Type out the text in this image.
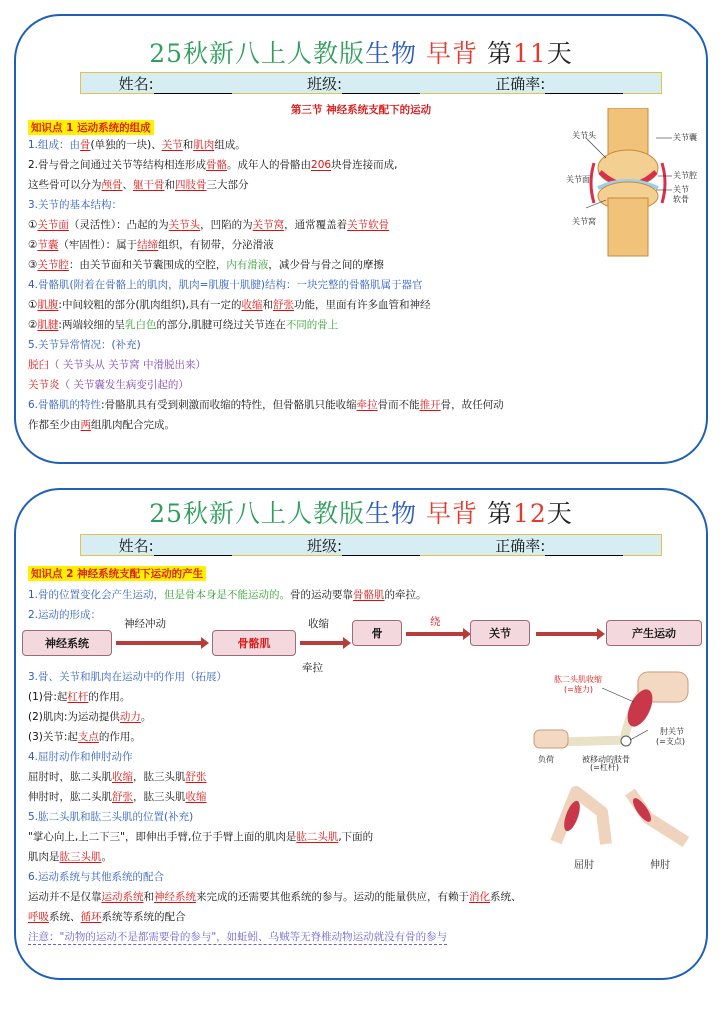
25秋新八上人教版生物 早背 第11天
姓名:	班级:	正确率:
第三节 神经系统支配下的运动
知识点 1 运动系统的组成
1.组成：由骨(单独的一块)、关节和肌肉组成。
2.骨与骨之间通过关节等结构相连形成骨骼。成年人的骨骼由206块骨连接而成,
这些骨可以分为颅骨、躯干骨和四肢骨三大部分
3.关节的基本结构：
①关节面（灵活性）：凸起的为关节头，凹陷的为关节窝，通常覆盖着关节软骨
②节囊（牢固性）：属于结缔组织，有韧带，分泌滑液
③关节腔：由关节面和关节囊围成的空腔，内有滑液，减少骨与骨之间的摩擦
4.骨骼肌(附着在骨骼上的肌肉，肌肉=肌腹十肌腱)结构：一块完整的骨骼肌属于器官
①肌腹:中间较粗的部分(肌肉组织),具有一定的收缩和舒张功能，里面有许多血管和神经
②肌腱:两端较细的呈乳白色的部分,肌腱可绕过关节连在不同的骨上
5.关节异常情况：(补充)
脱臼（ 关节头从 关节窝 中滑脱出来）
关节炎（ 关节囊发生病变引起的）
6.骨骼肌的特性:骨骼肌具有受到刺激而收缩的特性，但骨骼肌只能收缩牵拉骨而不能推开骨，故任何动
作都至少由两组肌肉配合完成。
关节头
关节面
关节窝
关节囊
关节腔
关节
软骨
25秋新八上人教版生物 早背 第12天
姓名:	班级:	正确率:
知识点 2 神经系统支配下运动的产生
1.骨的位置变化会产生运动，但是骨本身是不能运动的。骨的运动要靠骨骼肌的牵拉。
2.运动的形成：
神经系统
神经冲动
骨骼肌
收缩
牵拉
骨
绕
关节	产生运动
3.骨、关节和肌肉在运动中的作用（拓展）
(1)骨:起杠杆的作用。
(2)肌肉:为运动提供动力。
(3)关节:起支点的作用。
4.屈肘动作和伸肘动作
屈肘时，肱二头肌收缩，肱三头肌舒张
伸肘时，肱二头肌舒张，肱三头肌收缩
5.肱二头肌和肱三头肌的位置(补充)
"掌心向上,上二下三"，即伸出手臂,位于手臂上面的肌肉是肱二头肌,下面的
肌肉是肱三头肌。
6.运动系统与其他系统的配合
运动并不是仅靠运动系统和神经系统来完成的还需要其他系统的参与。运动的能量供应，有赖于消化系统、
呼吸系统、循环系统等系统的配合
注意："动物的运动不是都需要骨的参与"，如蚯蚓、乌贼等无脊椎动物运动就没有骨的参与
肱二头肌收缩
(=施力)
肘关节
(=支点)
负荷	被移动的肢骨
(=杠杆)
屈肘	伸肘
